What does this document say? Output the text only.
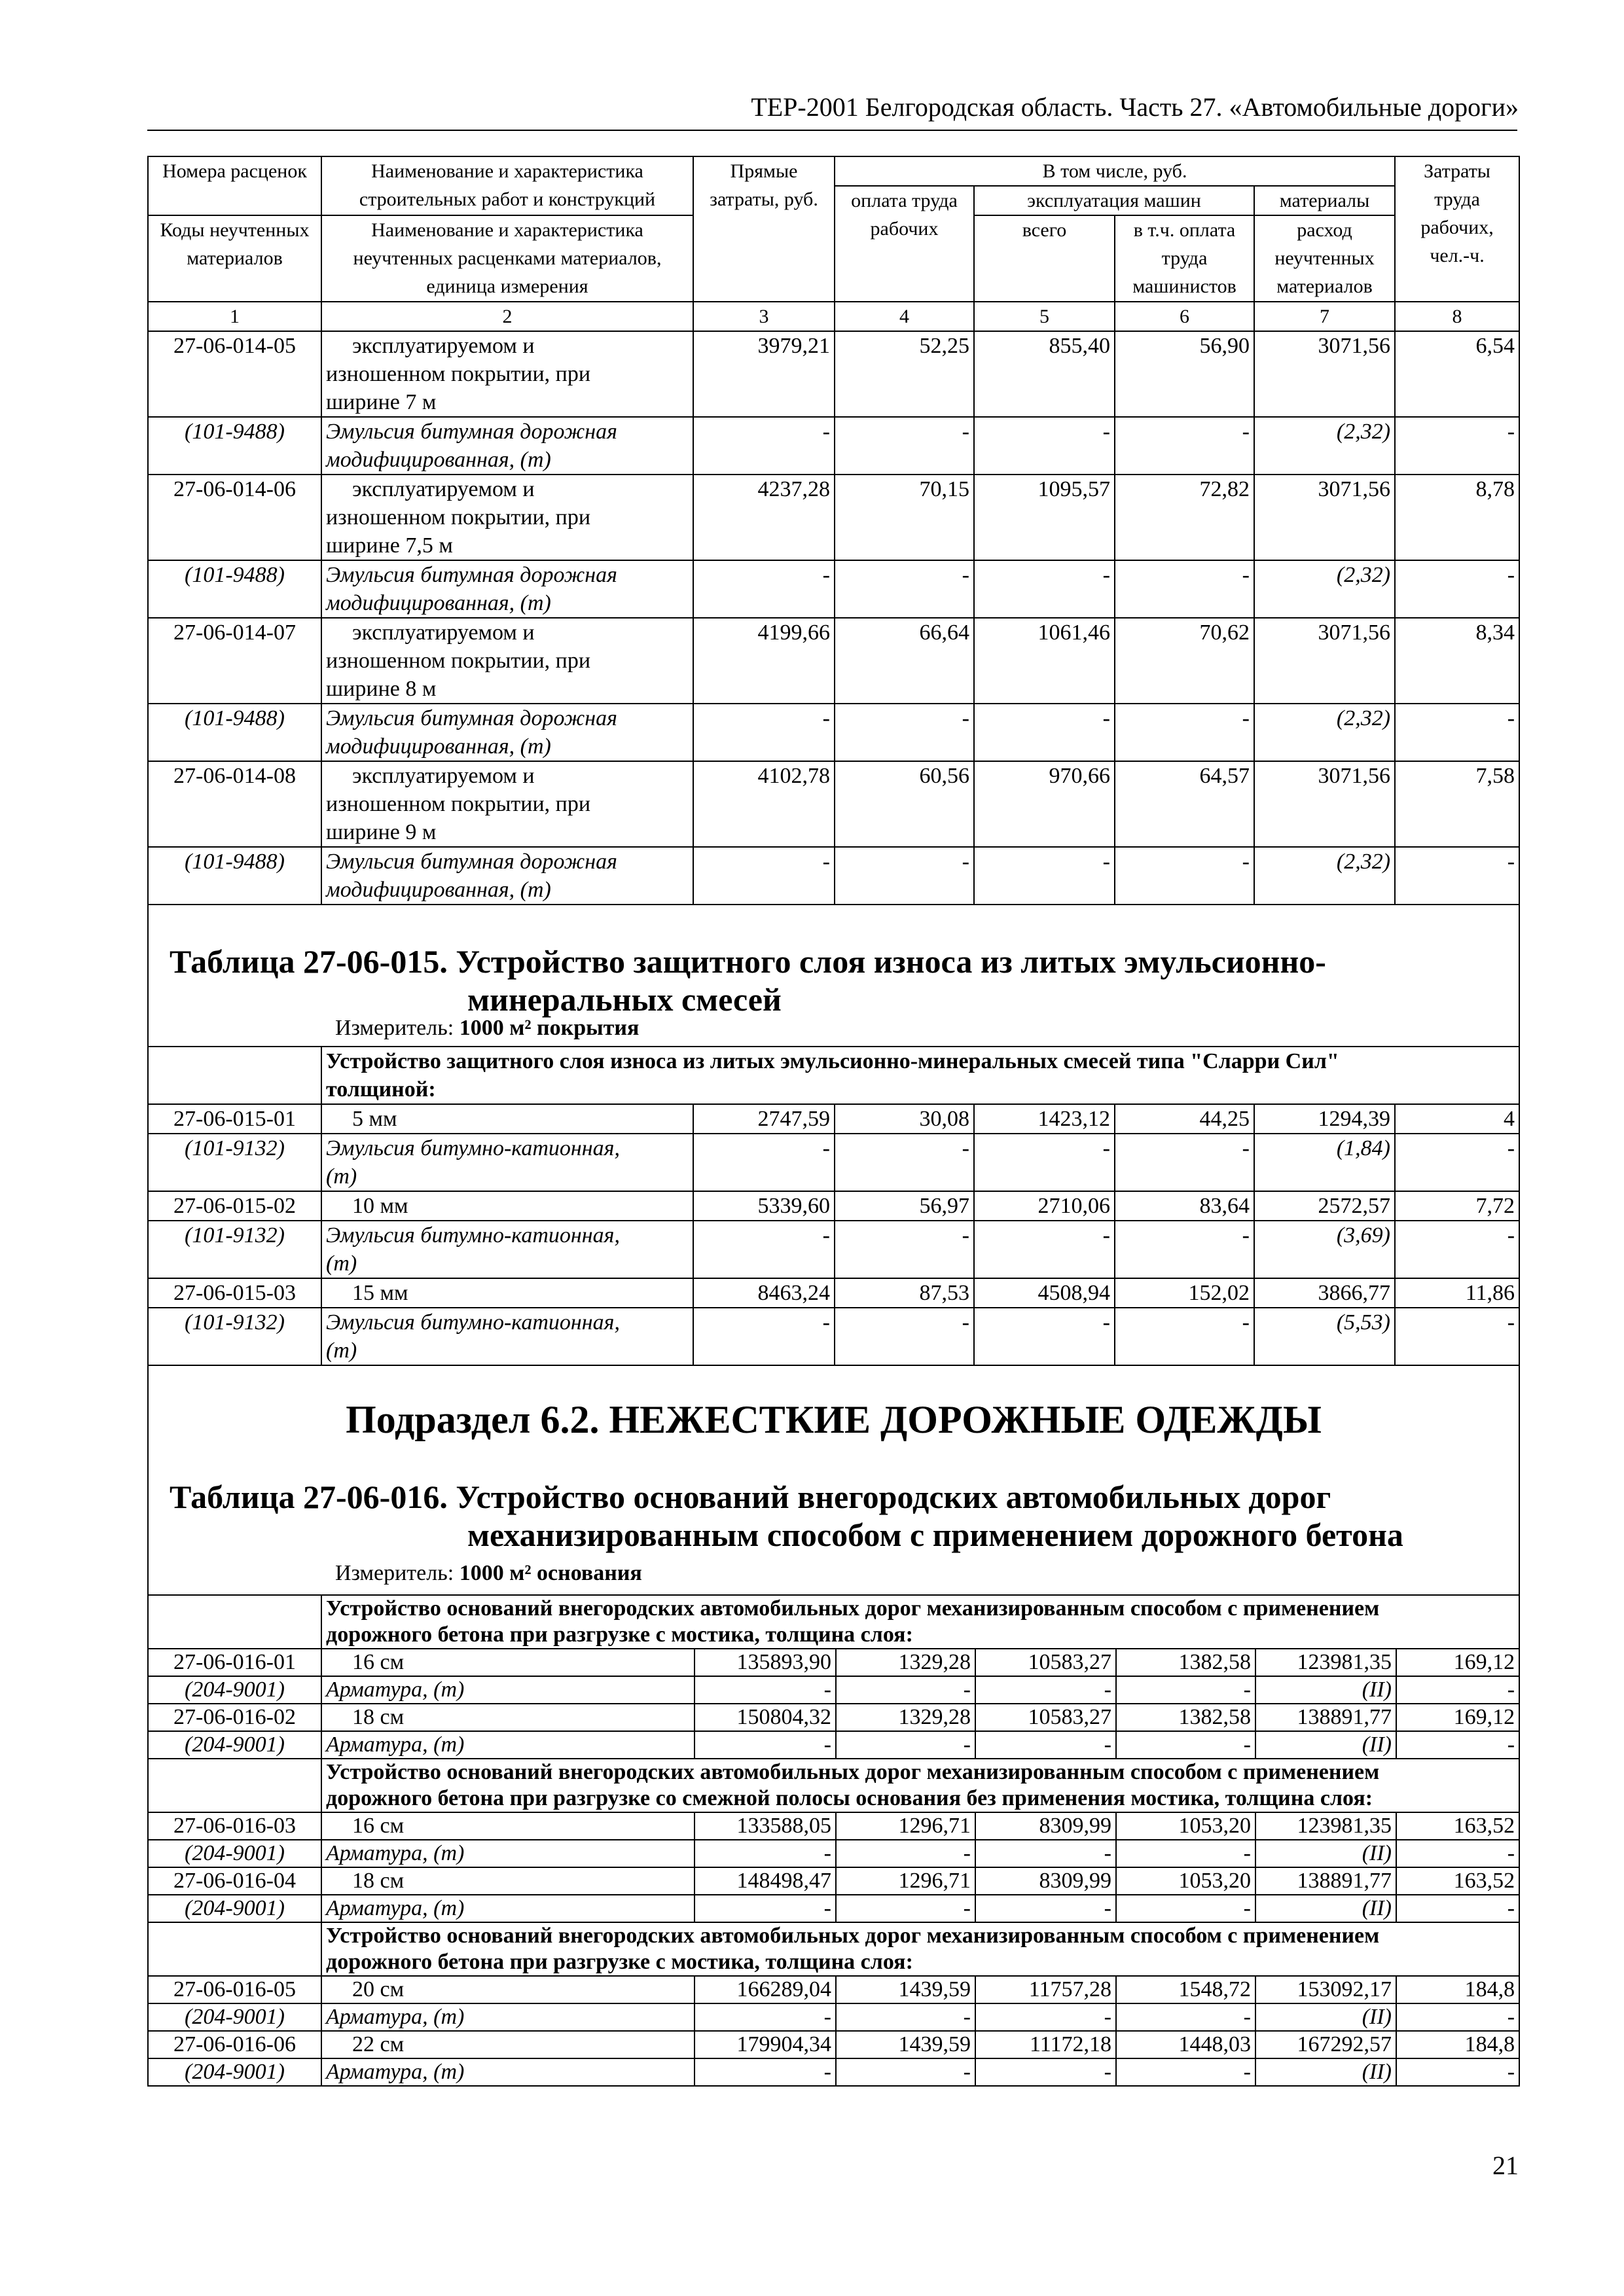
ТЕР-2001 Белгородская область. Часть 27. «Автомобильные дороги»
Номера расценок	Наименование и характеристика строительных работ и конструкций	Прямые затраты, руб.	В том числе, руб.				Затраты труда рабочих, чел.-ч.
			оплата труда рабочих	эксплуатация машин		материалы	
Коды неучтенных материалов	Наименование и характеристика неучтенных расценками материалов, единица измерения			всего	в т.ч. оплата труда машинистов	расход неучтенных материалов	

1	2	3	4	5	6	7	8
27-06-014-05	эксплуатируемом и
изношенном покрытии, при
ширине 7 м	3979,21	52,25	855,40	56,90	3071,56	6,54
(101-9488)	Эмульсия битумная дорожная
модифицированная, (т)	-	-	-	-	(2,32)	-
27-06-014-06	эксплуатируемом и
изношенном покрытии, при
ширине 7,5 м	4237,28	70,15	1095,57	72,82	3071,56	8,78
(101-9488)	Эмульсия битумная дорожная
модифицированная, (т)	-	-	-	-	(2,32)	-
27-06-014-07	эксплуатируемом и
изношенном покрытии, при
ширине 8 м	4199,66	66,64	1061,46	70,62	3071,56	8,34
(101-9488)	Эмульсия битумная дорожная
модифицированная, (т)	-	-	-	-	(2,32)	-
27-06-014-08	эксплуатируемом и
изношенном покрытии, при
ширине 9 м	4102,78	60,56	970,66	64,57	3071,56	7,58
(101-9488)	Эмульсия битумная дорожная
модифицированная, (т)	-	-	-	-	(2,32)	-
Таблица 27-06-015. Устройство защитного слоя износа из литых эмульсионно-
минеральных смесей
Измеритель: 1000 м² покрытия

	Устройство защитного слоя износа из литых эмульсионно-минеральных смесей типа "Сларри Сил"
толщиной:						

27-06-015-01	5 мм	2747,59	30,08	1423,12	44,25	1294,39	4
(101-9132)	Эмульсия битумно-катионная,
(т)	-	-	-	-	(1,84)	-
27-06-015-02	10 мм	5339,60	56,97	2710,06	83,64	2572,57	7,72
(101-9132)	Эмульсия битумно-катионная,
(т)	-	-	-	-	(3,69)	-
27-06-015-03	15 мм	8463,24	87,53	4508,94	152,02	3866,77	11,86
(101-9132)	Эмульсия битумно-катионная,
(т)	-	-	-	-	(5,53)	-
Подраздел 6.2. НЕЖЕСТКИЕ ДОРОЖНЫЕ ОДЕЖДЫ
Таблица 27-06-016. Устройство оснований внегородских автомобильных дорог
механизированным способом с применением дорожного бетона
Измеритель: 1000 м² основания

	Устройство оснований внегородских автомобильных дорог механизированным способом с применением
дорожного бетона при разгрузке с мостика, толщина слоя:						

27-06-016-01	16 см	135893,90	1329,28	10583,27	1382,58	123981,35	169,12
(204-9001)	Арматура, (т)	-	-	-	-	(II)	-
27-06-016-02	18 см	150804,32	1329,28	10583,27	1382,58	138891,77	169,12
(204-9001)	Арматура, (т)	-	-	-	-	(II)	-

	Устройство оснований внегородских автомобильных дорог механизированным способом с применением
дорожного бетона при разгрузке со смежной полосы основания без применения мостика, толщина слоя:						

27-06-016-03	16 см	133588,05	1296,71	8309,99	1053,20	123981,35	163,52
(204-9001)	Арматура, (т)	-	-	-	-	(II)	-
27-06-016-04	18 см	148498,47	1296,71	8309,99	1053,20	138891,77	163,52
(204-9001)	Арматура, (т)	-	-	-	-	(II)	-

	Устройство оснований внегородских автомобильных дорог механизированным способом с применением
дорожного бетона при разгрузке с мостика, толщина слоя:						

27-06-016-05	20 см	166289,04	1439,59	11757,28	1548,72	153092,17	184,8
(204-9001)	Арматура, (т)	-	-	-	-	(II)	-
27-06-016-06	22 см	179904,34	1439,59	11172,18	1448,03	167292,57	184,8
(204-9001)	Арматура, (т)	-	-	-	-	(II)	-
21
